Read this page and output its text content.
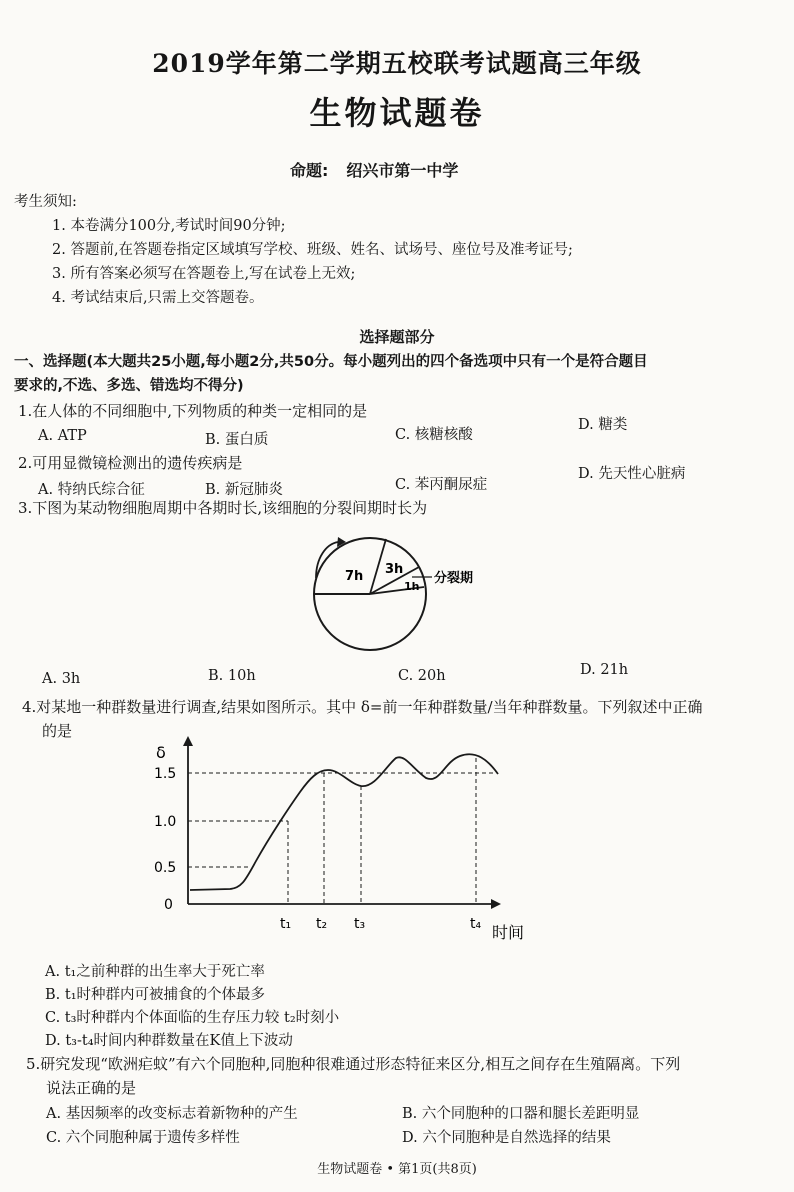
2019学年第二学期五校联考试题高三年级
生物试题卷
命题: 绍兴市第一中学
考生须知:
1. 本卷满分100分,考试时间90分钟;
2. 答题前,在答题卷指定区域填写学校、班级、姓名、试场号、座位号及准考证号;
3. 所有答案必须写在答题卷上,写在试卷上无效;
4. 考试结束后,只需上交答题卷。
选择题部分
一、选择题(本大题共25小题,每小题2分,共50分。每小题列出的四个备选项中只有一个是符合题目
要求的,不选、多选、错选均不得分)
1.在人体的不同细胞中,下列物质的种类一定相同的是
A. ATP	B. 蛋白质	C. 核糖核酸
D. 糖类
2.可用显微镜检测出的遗传疾病是
A. 特纳氏综合征	B. 新冠肺炎	C. 苯丙酮尿症
D. 先天性心脏病
3.下图为某动物细胞周期中各期时长,该细胞的分裂间期时长为
7h 3h
1h
分裂期
A. 3h	B. 10h	C. 20h	D. 21h
4.对某地一种群数量进行调查,结果如图所示。其中 δ=前一年种群数量/当年种群数量。下列叙述中正确
的是
δ
时间
0
0.5
1.0
1.5
t₁ t₂ t₃	t₄
A. t₁之前种群的出生率大于死亡率
B. t₁时种群内可被捕食的个体最多
C. t₃时种群内个体面临的生存压力较 t₂时刻小
D. t₃-t₄时间内种群数量在K值上下波动
5.研究发现“欧洲疟蚊”有六个同胞种,同胞种很难通过形态特征来区分,相互之间存在生殖隔离。下列
说法正确的是
A. 基因频率的改变标志着新物种的产生	B. 六个同胞种的口器和腿长差距明显
C. 六个同胞种属于遗传多样性	D. 六个同胞种是自然选择的结果
生物试题卷 • 第1页(共8页)
